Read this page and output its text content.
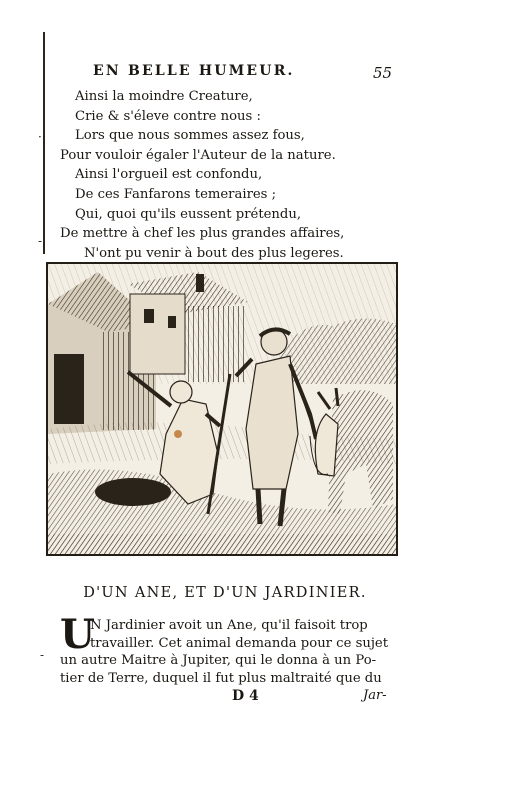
·
-
-
EN BELLE HUMEUR.	55
Ainsi la moindre Creature,
Crie & s'éleve contre nous :
Lors que nous sommes assez fous,
Pour vouloir égaler l'Auteur de la nature.
Ainsi l'orgueil est confondu,
De ces Fanfarons temeraires ;
Qui, quoi qu'ils eussent prétendu,
De mettre à chef les plus grandes affaires,
N'ont pu venir à bout des plus legeres.
D'UN ANE, ET D'UN JARDINIER.
U
N Jardinier avoit un Ane, qu'il faisoit trop
travailler. Cet animal demanda pour ce sujet
un autre Maitre à Jupiter, qui le donna à un Po-
tier de Terre, duquel il fut plus maltraité que du
D 4	Jar-
